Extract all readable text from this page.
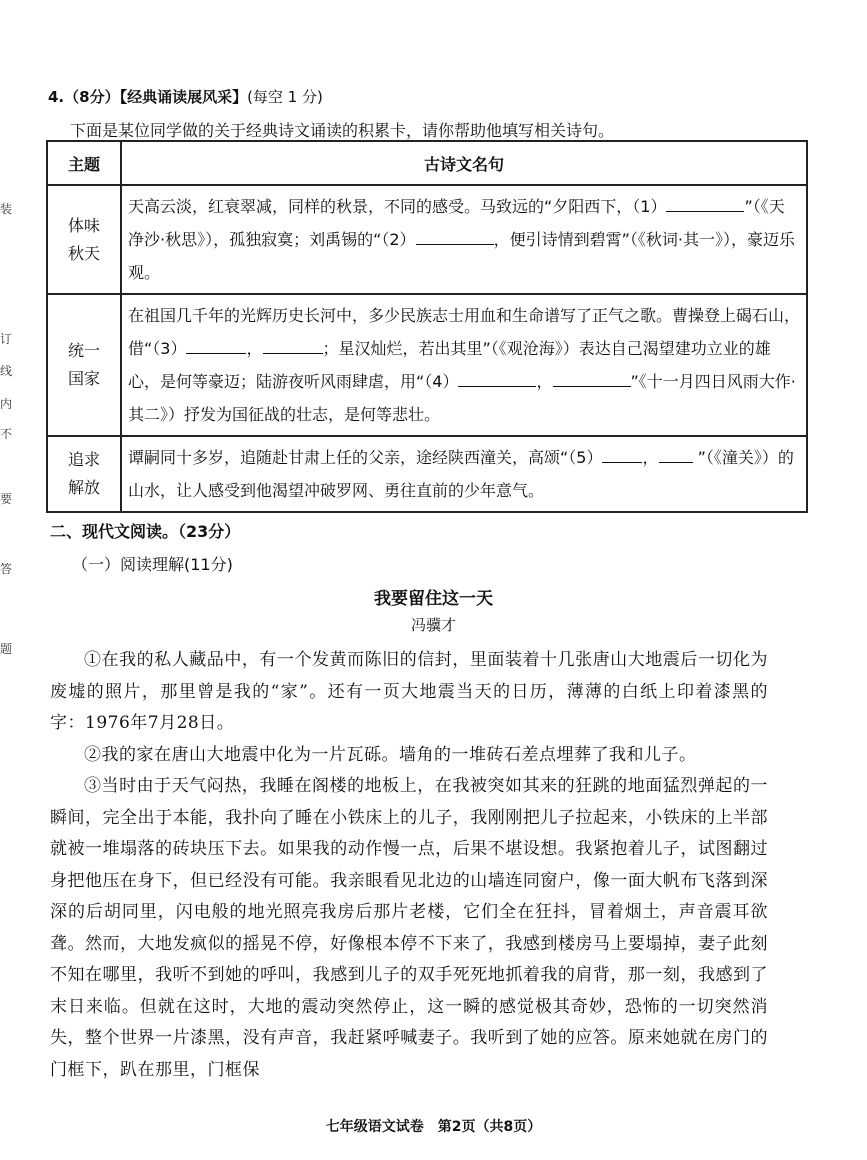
装
订
线
内
不
要
答
题
4.（8分）【经典诵读展风采】(每空 1 分)
下面是某位同学做的关于经典诗文诵读的积累卡，请你帮助他填写相关诗句。
主题	古诗文名句
体味
秋天	天高云淡，红衰翠减，同样的秋景，不同的感受。马致远的“夕阳西下，（1） ”（《天净沙·秋思》），孤独寂寞；刘禹锡的“（2） ，便引诗情到碧霄”（《秋词·其一》），豪迈乐观。
统一
国家	在祖国几千年的光辉历史长河中，多少民族志士用血和生命谱写了正气之歌。曹操登上碣石山，借“（3） ， ；星汉灿烂，若出其里”（《观沧海》）表达自己渴望建功立业的雄心，是何等豪迈；陆游夜听风雨肆虐，用“（4） ， ”《十一月四日风雨大作·其二》）抒发为国征战的壮志，是何等悲壮。
追求
解放	谭嗣同十多岁，追随赴甘肃上任的父亲，途经陕西潼关，高颂“（5） ， ”（《潼关》）的山水，让人感受到他渴望冲破罗网、勇往直前的少年意气。
二、现代文阅读。（23分）
（一）阅读理解(11分)
我要留住这一天
冯骥才

①在我的私人藏品中，有一个发黄而陈旧的信封，里面装着十几张唐山大地震后一切化为废墟的照片，那里曾是我的“家”。还有一页大地震当天的日历，薄薄的白纸上印着漆黑的字：1976年7月28日。

②我的家在唐山大地震中化为一片瓦砾。墙角的一堆砖石差点埋葬了我和儿子。

③当时由于天气闷热，我睡在阁楼的地板上，在我被突如其来的狂跳的地面猛烈弹起的一瞬间，完全出于本能，我扑向了睡在小铁床上的儿子，我刚刚把儿子拉起来，小铁床的上半部就被一堆塌落的砖块压下去。如果我的动作慢一点，后果不堪设想。我紧抱着儿子，试图翻过身把他压在身下，但已经没有可能。我亲眼看见北边的山墙连同窗户，像一面大帆布飞落到深深的后胡同里，闪电般的地光照亮我房后那片老楼，它们全在狂抖，冒着烟土，声音震耳欲聋。然而，大地发疯似的摇晃不停，好像根本停不下来了，我感到楼房马上要塌掉，妻子此刻不知在哪里，我听不到她的呼叫，我感到儿子的双手死死地抓着我的肩背，那一刻，我感到了末日来临。但就在这时，大地的震动突然停止，这一瞬的感觉极其奇妙，恐怖的一切突然消失，整个世界一片漆黑，没有声音，我赶紧呼喊妻子。我听到了她的应答。原来她就在房门的门框下，趴在那里，门框保

七年级语文试卷　第2页（共8页）
